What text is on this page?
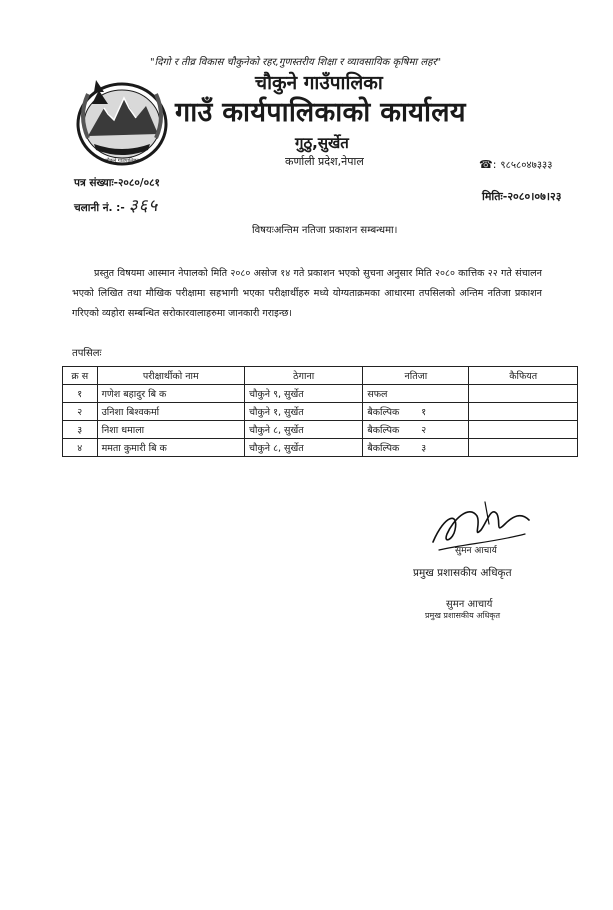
"दिगो र तीव्र विकास चौकुनेको रहर,गुणस्तरीय शिक्षा र व्यावसायिक कृषिमा लहर"
चौकुने गाउँपालिका
चौकुने गाउँपालिका
गाउँ कार्यपालिकाको कार्यालय
गुठु,सुर्खेत
कर्णाली प्रदेश,नेपाल	☎: ९८५८०४७३३३
पत्र संख्याः-२०८०/०८१
चलानी नं. :- ३६५	मितिः-२०८०।०७।२३
विषयःअन्तिम नतिजा प्रकाशन सम्बन्धमा।
प्रस्तुत विषयमा आस्मान नेपालको मिति २०८० असोज १४ गते प्रकाशन भएको सुचना अनुसार मिति २०८० कात्तिक २२ गते संचालन भएको लिखित तथा मौखिक परीक्षामा सहभागी भएका परीक्षार्थीहरु मध्ये योग्यताक्रमका आधारमा तपसिलको अन्तिम नतिजा प्रकाशन गरिएको व्यहोरा सम्बन्धित सरोकारवालाहरुमा जानकारी गराइन्छ।
तपसिलः
क्र स	परीक्षार्थीको नाम	ठेगाना	नतिजा	कैफियत
१	गणेश बहादुर बि क	चौकुने ९, सुर्खेत	सफल	
२	उनिशा बिश्वकर्मा	चौकुने १, सुर्खेत	बैकल्पिक १	
३	निशा धमाला	चौकुने ८, सुर्खेत	बैकल्पिक २	
४	ममता कुमारी बि क	चौकुने ८, सुर्खेत	बैकल्पिक ३	
सुमन आचार्य
प्रमुख प्रशासकीय अधिकृत
सुमन आचार्य
प्रमुख प्रशासकीय अधिकृत
